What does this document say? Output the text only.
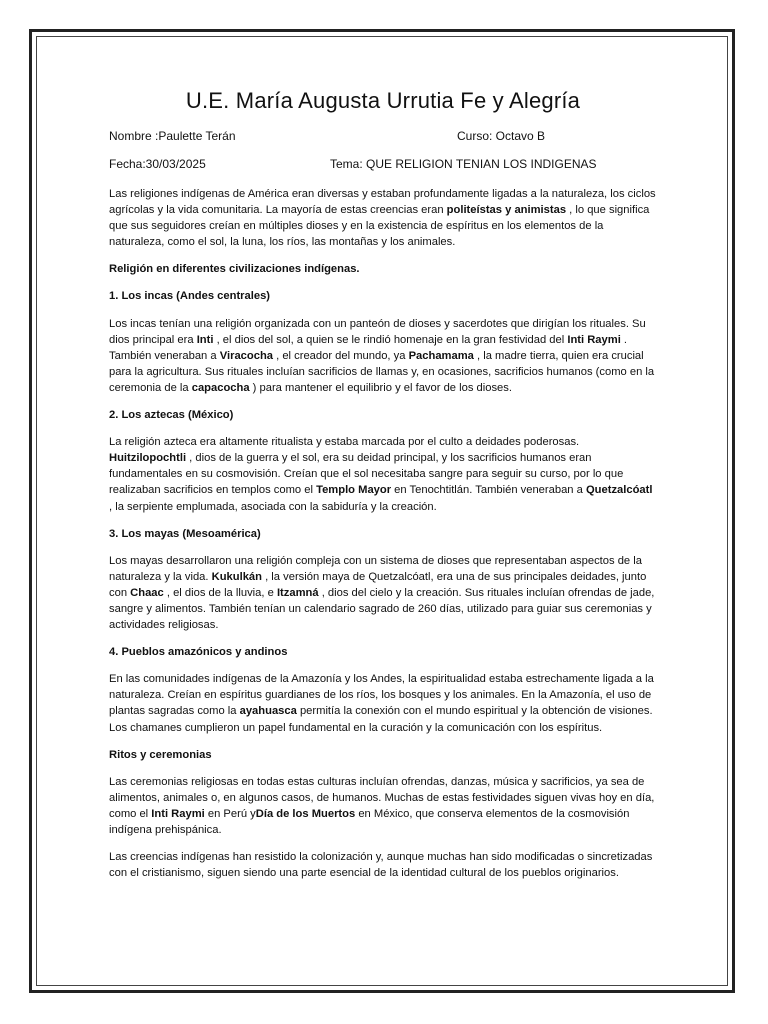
U.E. María Augusta Urrutia Fe y Alegría
Nombre :Paulette Terán	Curso: Octavo B
Fecha:30/03/2025	Tema: QUE RELIGION TENIAN LOS INDIGENAS

Las religiones indígenas de América eran diversas y estaban profundamente ligadas a la naturaleza, los ciclos agrícolas y la vida comunitaria. La mayoría de estas creencias eran politeístas y animistas , lo que significa que sus seguidores creían en múltiples dioses y en la existencia de espíritus en los elementos de la naturaleza, como el sol, la luna, los ríos, las montañas y los animales.

Religión en diferentes civilizaciones indígenas.

1. Los incas (Andes centrales)

Los incas tenían una religión organizada con un panteón de dioses y sacerdotes que dirigían los rituales. Su dios principal era Inti , el dios del sol, a quien se le rindió homenaje en la gran festividad del Inti Raymi . También veneraban a Viracocha , el creador del mundo, ya Pachamama , la madre tierra, quien era crucial para la agricultura. Sus rituales incluían sacrificios de llamas y, en ocasiones, sacrificios humanos (como en la ceremonia de la capacocha ) para mantener el equilibrio y el favor de los dioses.

2. Los aztecas (México)

La religión azteca era altamente ritualista y estaba marcada por el culto a deidades poderosas. Huitzilopochtli , dios de la guerra y el sol, era su deidad principal, y los sacrificios humanos eran fundamentales en su cosmovisión. Creían que el sol necesitaba sangre para seguir su curso, por lo que realizaban sacrificios en templos como el Templo Mayor en Tenochtitlán. También veneraban a Quetzalcóatl , la serpiente emplumada, asociada con la sabiduría y la creación.

3. Los mayas (Mesoamérica)

Los mayas desarrollaron una religión compleja con un sistema de dioses que representaban aspectos de la naturaleza y la vida. Kukulkán , la versión maya de Quetzalcóatl, era una de sus principales deidades, junto con Chaac , el dios de la lluvia, e Itzamná , dios del cielo y la creación. Sus rituales incluían ofrendas de jade, sangre y alimentos. También tenían un calendario sagrado de 260 días, utilizado para guiar sus ceremonias y actividades religiosas.

4. Pueblos amazónicos y andinos

En las comunidades indígenas de la Amazonía y los Andes, la espiritualidad estaba estrechamente ligada a la naturaleza. Creían en espíritus guardianes de los ríos, los bosques y los animales. En la Amazonía, el uso de plantas sagradas como la ayahuasca permitía la conexión con el mundo espiritual y la obtención de visiones. Los chamanes cumplieron un papel fundamental en la curación y la comunicación con los espíritus.

Ritos y ceremonias

Las ceremonias religiosas en todas estas culturas incluían ofrendas, danzas, música y sacrificios, ya sea de alimentos, animales o, en algunos casos, de humanos. Muchas de estas festividades siguen vivas hoy en día, como el Inti Raymi en Perú yDía de los Muertos en México, que conserva elementos de la cosmovisión indígena prehispánica.

Las creencias indígenas han resistido la colonización y, aunque muchas han sido modificadas o sincretizadas con el cristianismo, siguen siendo una parte esencial de la identidad cultural de los pueblos originarios.
